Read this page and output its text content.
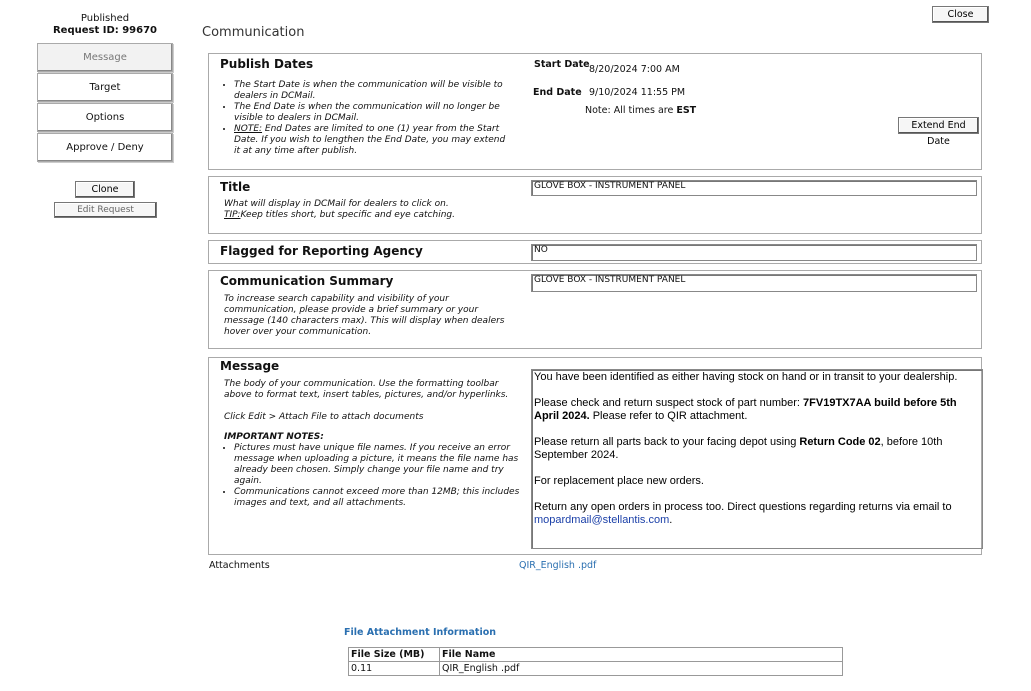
Published
Request ID: 99670
Message
Target
Options
Approve / Deny
Clone
Edit Request
Communication
Close
Publish Dates
• The Start Date is when the communication will be visible to dealers in DCMail.
• The End Date is when the communication will no longer be visible to dealers in DCMail.
• NOTE: End Dates are limited to one (1) year from the Start Date. If you wish to lengthen the End Date, you may extend it at any time after publish.
Start Date 8/20/2024 7:00 AM
End Date 9/10/2024 11:55 PM
Note: All times are EST
Extend End Date
Title
What will display in DCMail for dealers to click on.
TIP:Keep titles short, but specific and eye catching.
GLOVE BOX - INSTRUMENT PANEL
Flagged for Reporting Agency	NO
Communication Summary
To increase search capability and visibility of your communication, please provide a brief summary or your message (140 characters max). This will display when dealers hover over your communication.
GLOVE BOX - INSTRUMENT PANEL
Message
The body of your communication. Use the formatting toolbar above to format text, insert tables, pictures, and/or hyperlinks.
Click Edit > Attach File to attach documents
IMPORTANT NOTES:
• Pictures must have unique file names. If you receive an error message when uploading a picture, it means the file name has already been chosen. Simply change your file name and try again.
• Communications cannot exceed more than 12MB; this includes images and text, and all attachments.

You have been identified as either having stock on hand or in transit to your dealership.

Please check and return suspect stock of part number: 7FV19TX7AA build before 5th April 2024. Please refer to QIR attachment.

Please return all parts back to your facing depot using Return Code 02, before 10th September 2024.

For replacement place new orders.

Return any open orders in process too. Direct questions regarding returns via email to mopardmail@stellantis.com.

Attachments	QIR_English .pdf
File Attachment Information
File Size (MB)	File Name
0.11	QIR_English .pdf
